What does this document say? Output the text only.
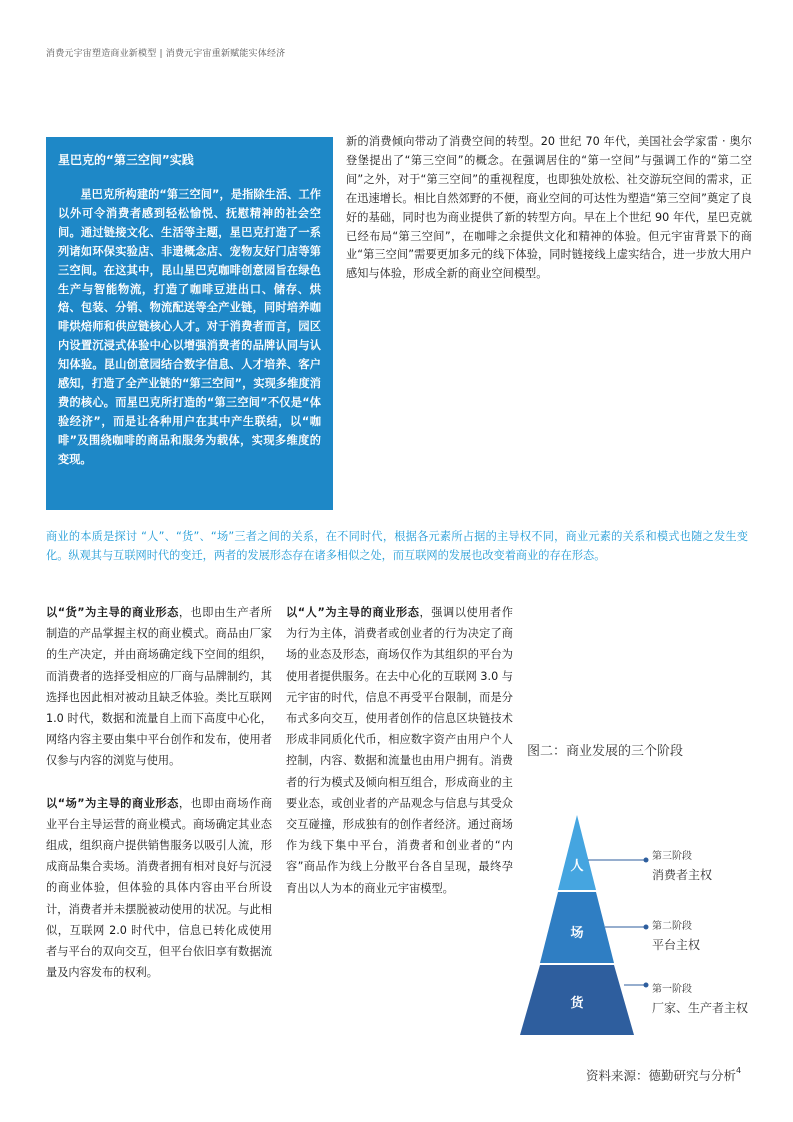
消费元宇宙塑造商业新模型 | 消费元宇宙重新赋能实体经济
星巴克的“第三空间”实践

星巴克所构建的“第三空间”，是指除生活、工作以外可令消费者感到轻松愉悦、抚慰精神的社会空间。通过链接文化、生活等主题，星巴克打造了一系列诸如环保实验店、非遗概念店、宠物友好门店等第三空间。在这其中，昆山星巴克咖啡创意园旨在绿色生产与智能物流，打造了咖啡豆进出口、储存、烘焙、包装、分销、物流配送等全产业链，同时培养咖啡烘焙师和供应链核心人才。对于消费者而言，园区内设置沉浸式体验中心以增强消费者的品牌认同与认知体验。昆山创意园结合数字信息、人才培养、客户感知，打造了全产业链的“第三空间”，实现多维度消费的核心。而星巴克所打造的“第三空间”不仅是“体验经济”，而是让各种用户在其中产生联结，以“咖啡”及围绕咖啡的商品和服务为载体，实现多维度的变现。

新的消费倾向带动了消费空间的转型。20 世纪 70 年代，美国社会学家雷 · 奥尔登堡提出了“第三空间”的概念。在强调居住的“第一空间”与强调工作的“第二空间”之外，对于“第三空间”的重视程度，也即独处放松、社交游玩空间的需求，正在迅速增长。相比自然郊野的不便，商业空间的可达性为塑造“第三空间”奠定了良好的基础，同时也为商业提供了新的转型方向。早在上个世纪 90 年代，星巴克就已经布局“第三空间”，在咖啡之余提供文化和精神的体验。但元宇宙背景下的商业“第三空间”需要更加多元的线下体验，同时链接线上虚实结合，进一步放大用户感知与体验，形成全新的商业空间模型。

商业的本质是探讨 “人”、“货”、“场”三者之间的关系，在不同时代，根据各元素所占据的主导权不同，商业元素的关系和模式也随之发生变化。纵观其与互联网时代的变迁，两者的发展形态存在诸多相似之处，而互联网的发展也改变着商业的存在形态。

以“货”为主导的商业形态，也即由生产者所制造的产品掌握主权的商业模式。商品由厂家的生产决定，并由商场确定线下空间的组织，而消费者的选择受相应的厂商与品牌制约，其选择也因此相对被动且缺乏体验。类比互联网 1.0 时代，数据和流量自上而下高度中心化，网络内容主要由集中平台创作和发布，使用者仅参与内容的浏览与使用。

以“场”为主导的商业形态，也即由商场作商业平台主导运营的商业模式。商场确定其业态组成，组织商户提供销售服务以吸引人流，形成商品集合卖场。消费者拥有相对良好与沉浸的商业体验，但体验的具体内容由平台所设计，消费者并未摆脱被动使用的状况。与此相似，互联网 2.0 时代中，信息已转化成使用者与平台的双向交互，但平台依旧享有数据流量及内容发布的权利。

以“人”为主导的商业形态，强调以使用者作为行为主体，消费者或创业者的行为决定了商场的业态及形态，商场仅作为其组织的平台为使用者提供服务。在去中心化的互联网 3.0 与元宇宙的时代，信息不再受平台限制，而是分布式多向交互，使用者创作的信息区块链技术形成非同质化代币，相应数字资产由用户个人控制，内容、数据和流量也由用户拥有。消费者的行为模式及倾向相互组合，形成商业的主要业态，或创业者的产品观念与信息与其受众交互碰撞，形成独有的创作者经济。通过商场作为线下集中平台，消费者和创业者的“内容”商品作为线上分散平台各自呈现，最终孕育出以人为本的商业元宇宙模型。

图二：商业发展的三个阶段
人
场
货
第三阶段
消费者主权
第二阶段
平台主权
第一阶段
厂家、生产者主权
资料来源：德勤研究与分析$^4$
